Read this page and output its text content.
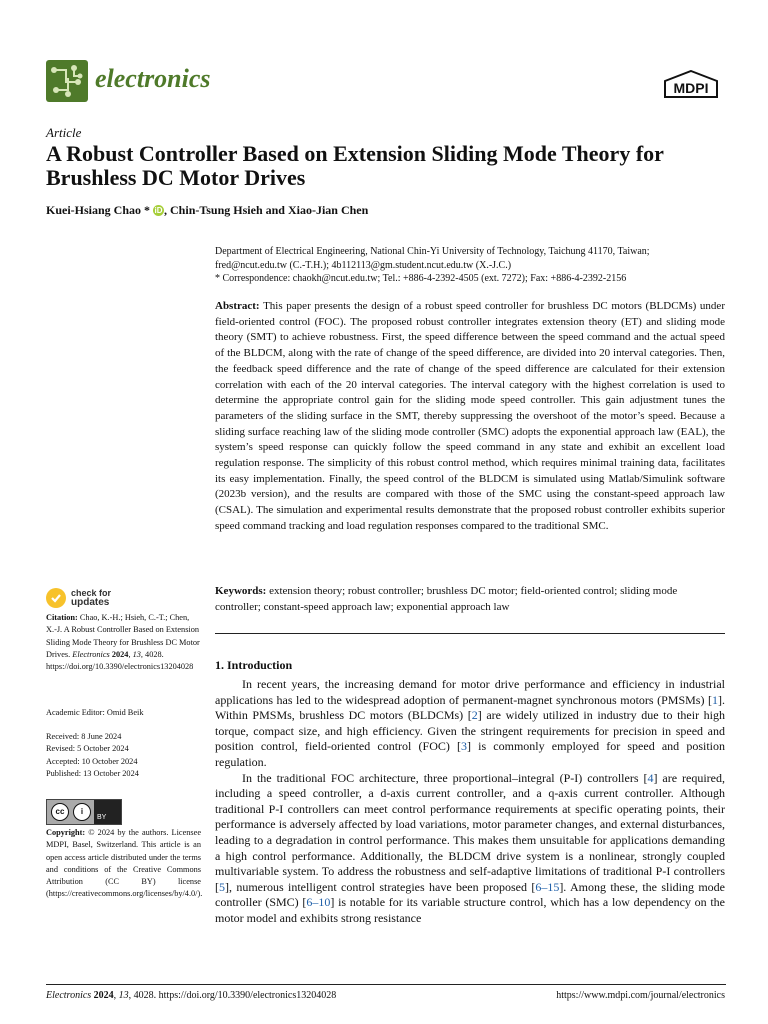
electronics	MDPI
Article
A Robust Controller Based on Extension Sliding Mode Theory for Brushless DC Motor Drives
Kuei-Hsiang Chao * iD , Chin-Tsung Hsieh and Xiao-Jian Chen
Department of Electrical Engineering, National Chin-Yi University of Technology, Taichung 41170, Taiwan;
fred@ncut.edu.tw (C.-T.H.); 4b112113@gm.student.ncut.edu.tw (X.-J.C.)
* Correspondence: chaokh@ncut.edu.tw; Tel.: +886-4-2392-4505 (ext. 7272); Fax: +886-4-2392-2156
Abstract: This paper presents the design of a robust speed controller for brushless DC motors (BLDCMs) under field-oriented control (FOC). The proposed robust controller integrates extension theory (ET) and sliding mode theory (SMT) to achieve robustness. First, the speed difference between the speed command and the actual speed of the BLDCM, along with the rate of change of the speed difference, are divided into 20 interval categories. Then, the feedback speed difference and the rate of change of the speed difference are calculated for their extension correlation with each of the 20 interval categories. The interval category with the highest correlation is used to determine the appropriate control gain for the sliding mode speed controller. This gain adjustment tunes the parameters of the sliding surface in the SMT, thereby suppressing the overshoot of the motor’s speed. Because a sliding surface reaching law of the sliding mode controller (SMC) adopts the exponential approach law (EAL), the system’s speed response can quickly follow the speed command in any state and exhibit an excellent load regulation response. The simplicity of this robust control method, which requires minimal training data, facilitates its easy implementation. Finally, the speed control of the BLDCM is simulated using Matlab/Simulink software (2023b version), and the results are compared with those of the SMC using the constant-speed approach law (CSAL). The simulation and experimental results demonstrate that the proposed robust controller exhibits superior speed command tracking and load regulation responses compared to the traditional SMC.
Keywords: extension theory; robust controller; brushless DC motor; field-oriented control; sliding mode controller; constant-speed approach law; exponential approach law
check for
updates
Citation: Chao, K.-H.; Hsieh, C.-T.; Chen, X.-J. A Robust Controller Based on Extension Sliding Mode Theory for Brushless DC Motor Drives. Electronics 2024, 13, 4028. https://doi.org/10.3390/electronics13204028
Academic Editor: Omid Beik
Received: 8 June 2024
Revised: 5 October 2024
Accepted: 10 October 2024
Published: 13 October 2024
cc	i
BY
Copyright: © 2024 by the authors. Licensee MDPI, Basel, Switzerland. This article is an open access article distributed under the terms and conditions of the Creative Commons Attribution (CC BY) license (https://creativecommons.org/licenses/by/4.0/).
1. Introduction

In recent years, the increasing demand for motor drive performance and efficiency in industrial applications has led to the widespread adoption of permanent-magnet synchronous motors (PMSMs) [1]. Within PMSMs, brushless DC motors (BLDCMs) [2] are widely utilized in industry due to their high torque, compact size, and high efficiency. Given the stringent requirements for precision in speed and position control, field-oriented control (FOC) [3] is commonly employed for speed and position regulation.

In the traditional FOC architecture, three proportional–integral (P-I) controllers [4] are required, including a speed controller, a d-axis current controller, and a q-axis current controller. Although traditional P-I controllers can meet control performance requirements at specific operating points, their performance is adversely affected by load variations, motor parameter changes, and external disturbances, leading to a degradation in control performance. This makes them unsuitable for applications demanding a high control performance. Additionally, the BLDCM drive system is a nonlinear, strongly coupled multivariable system. To address the robustness and self-adaptive limitations of traditional P-I controllers [5], numerous intelligent control strategies have been proposed [6–15]. Among these, the sliding mode controller (SMC) [6–10] is notable for its variable structure control, which has a low dependency on the motor model and exhibits strong resistance

Electronics 2024, 13, 4028. https://doi.org/10.3390/electronics13204028	https://www.mdpi.com/journal/electronics
